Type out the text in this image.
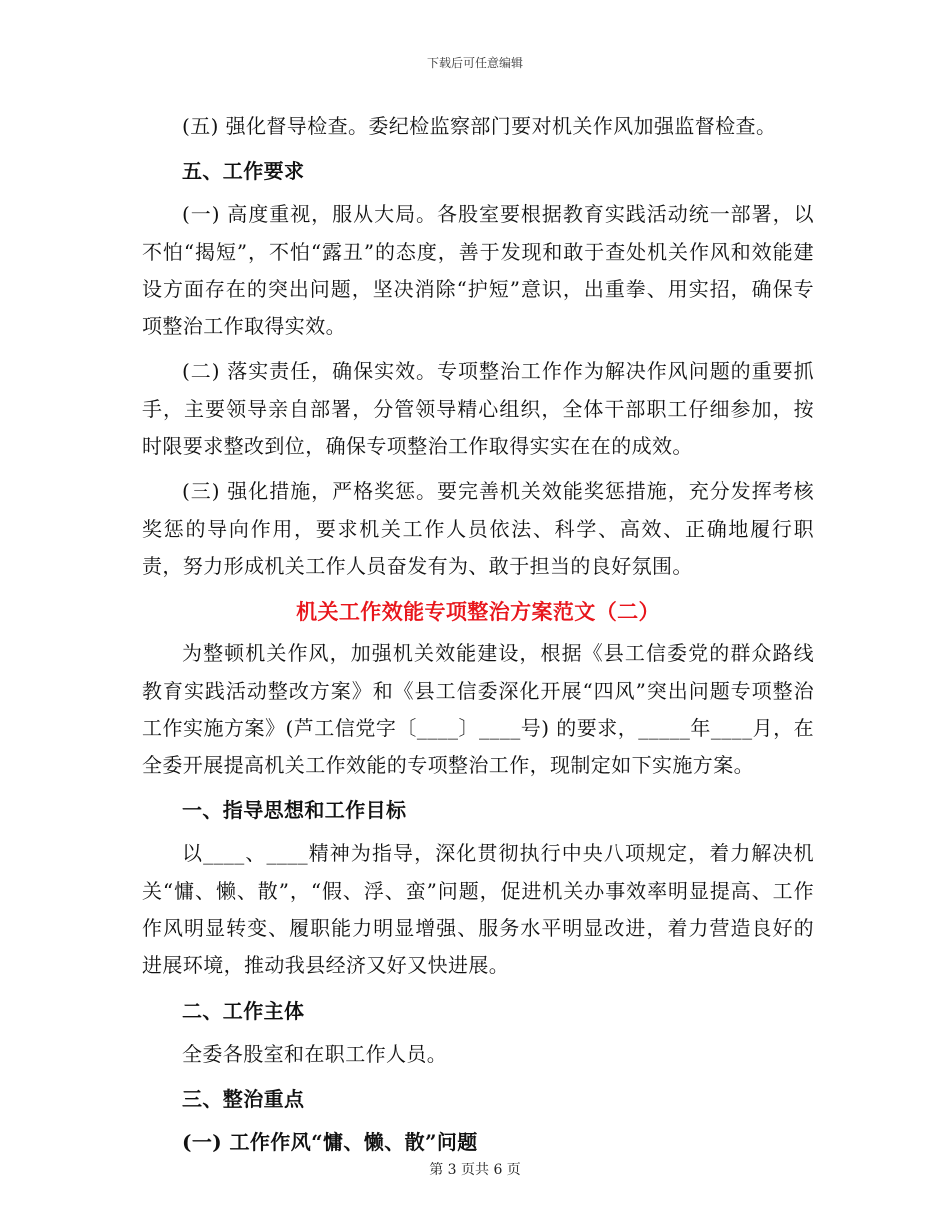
下载后可任意编辑

(五) 强化督导检查。委纪检监察部门要对机关作风加强监督检查。

五、工作要求

(一) 高度重视，服从大局。各股室要根据教育实践活动统一部署，以不怕“揭短”，不怕“露丑”的态度，善于发现和敢于查处机关作风和效能建设方面存在的突出问题，坚决消除“护短”意识，出重拳、用实招，确保专项整治工作取得实效。

(二) 落实责任，确保实效。专项整治工作作为解决作风问题的重要抓手，主要领导亲自部署，分管领导精心组织，全体干部职工仔细参加，按时限要求整改到位，确保专项整治工作取得实实在在的成效。

(三) 强化措施，严格奖惩。要完善机关效能奖惩措施，充分发挥考核奖惩的导向作用，要求机关工作人员依法、科学、高效、正确地履行职责，努力形成机关工作人员奋发有为、敢于担当的良好氛围。

机关工作效能专项整治方案范文（二）

为整顿机关作风，加强机关效能建设，根据《县工信委党的群众路线教育实践活动整改方案》和《县工信委深化开展“四风”突出问题专项整治工作实施方案》(芦工信党字〔____〕____号) 的要求，_____年____月，在全委开展提高机关工作效能的专项整治工作，现制定如下实施方案。

一、指导思想和工作目标

以____、____精神为指导，深化贯彻执行中央八项规定，着力解决机关“慵、懒、散”，“假、浮、蛮”问题，促进机关办事效率明显提高、工作作风明显转变、履职能力明显增强、服务水平明显改进，着力营造良好的进展环境，推动我县经济又好又快进展。

二、工作主体

全委各股室和在职工作人员。

三、整治重点

(一) 工作作风“慵、懒、散”问题

第 3 页共 6 页
